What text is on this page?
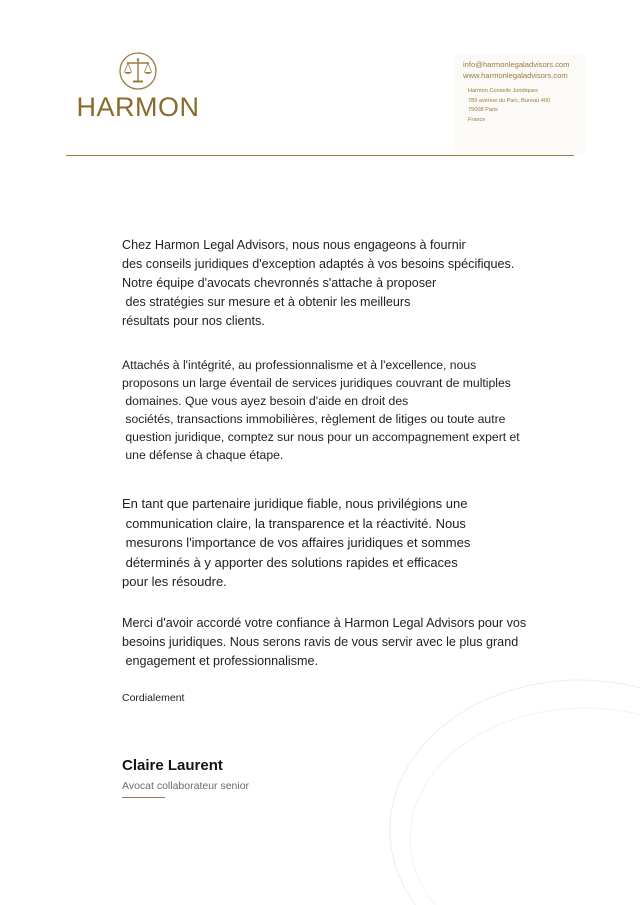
HARMON
info@harmonlegaladvisors.com
www.harmonlegaladvisors.com
Harmon Conseils Juridiques
789 avenue du Parc, Bureau 400
75008 Paris
France

Chez Harmon Legal Advisors, nous nous engageons à fournir
des conseils juridiques d'exception adaptés à vos besoins spécifiques.
Notre équipe d'avocats chevronnés s'attache à proposer
des stratégies sur mesure et à obtenir les meilleurs
résultats pour nos clients.

Attachés à l'intégrité, au professionnalisme et à l'excellence, nous
proposons un large éventail de services juridiques couvrant de multiples
domaines. Que vous ayez besoin d'aide en droit des
sociétés, transactions immobilières, règlement de litiges ou toute autre
question juridique, comptez sur nous pour un accompagnement expert et
une défense à chaque étape.

En tant que partenaire juridique fiable, nous privilégions une
communication claire, la transparence et la réactivité. Nous
mesurons l'importance de vos affaires juridiques et sommes
déterminés à y apporter des solutions rapides et efficaces
pour les résoudre.

Merci d'avoir accordé votre confiance à Harmon Legal Advisors pour vos
besoins juridiques. Nous serons ravis de vous servir avec le plus grand
engagement et professionnalisme.

Cordialement
Claire Laurent
Avocat collaborateur senior
